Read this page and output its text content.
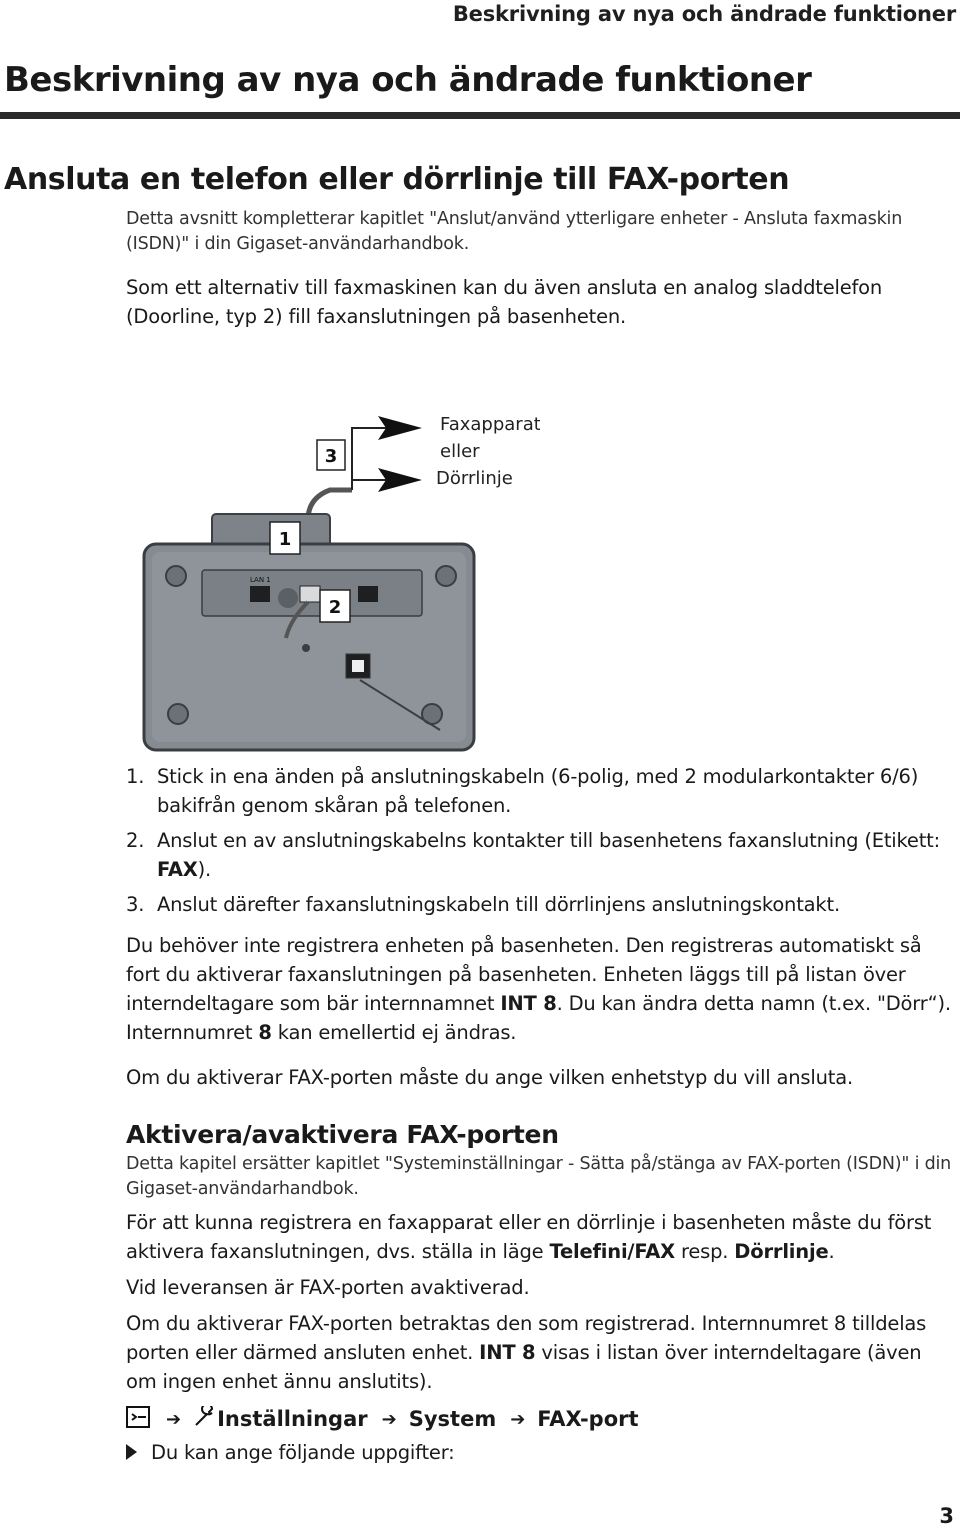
Beskrivning av nya och ändrade funktioner
Beskrivning av nya och ändrade funktioner
Ansluta en telefon eller dörrlinje till FAX-porten
Detta avsnitt kompletterar kapitlet "Anslut/använd ytterligare enheter - Ansluta faxmaskin (ISDN)" i din Gigaset-användarhandbok.
Som ett alternativ till faxmaskinen kan du även ansluta en analog sladdtelefon (Doorline, typ 2) fill faxanslutningen på basenheten.
3
Faxapparat
eller
Dörrlinje
LAN 1
1
2
1. Stick in ena änden på anslutningskabeln (6-polig, med 2 modularkontakter 6/6) bakifrån genom skåran på telefonen.
2. Anslut en av anslutningskabelns kontakter till basenhetens faxanslutning (Etikett: FAX).
3. Anslut därefter faxanslutningskabeln till dörrlinjens anslutningskontakt.
Du behöver inte registrera enheten på basenheten. Den registreras automatiskt så fort du aktiverar faxanslutningen på basenheten. Enheten läggs till på listan över interndeltagare som bär internnamnet INT 8. Du kan ändra detta namn (t.ex. "Dörr“). Internnumret 8 kan emellertid ej ändras.
Om du aktiverar FAX-porten måste du ange vilken enhetstyp du vill ansluta.
Aktivera/avaktivera FAX-porten
Detta kapitel ersätter kapitlet "Systeminställningar - Sätta på/stänga av FAX-porten (ISDN)" i din Gigaset-användarhandbok.
För att kunna registrera en faxapparat eller en dörrlinje i basenheten måste du först aktivera faxanslutningen, dvs. ställa in läge Telefini/FAX resp. Dörrlinje.
Vid leveransen är FAX-porten avaktiverad.
Om du aktiverar FAX-porten betraktas den som registrerad. Internnumret 8 tilldelas porten eller därmed ansluten enhet. INT 8 visas i listan över interndeltagare (även om ingen enhet ännu anslutits).
➔ Inställningar ➔ System ➔ FAX-port
Du kan ange följande uppgifter:
3
